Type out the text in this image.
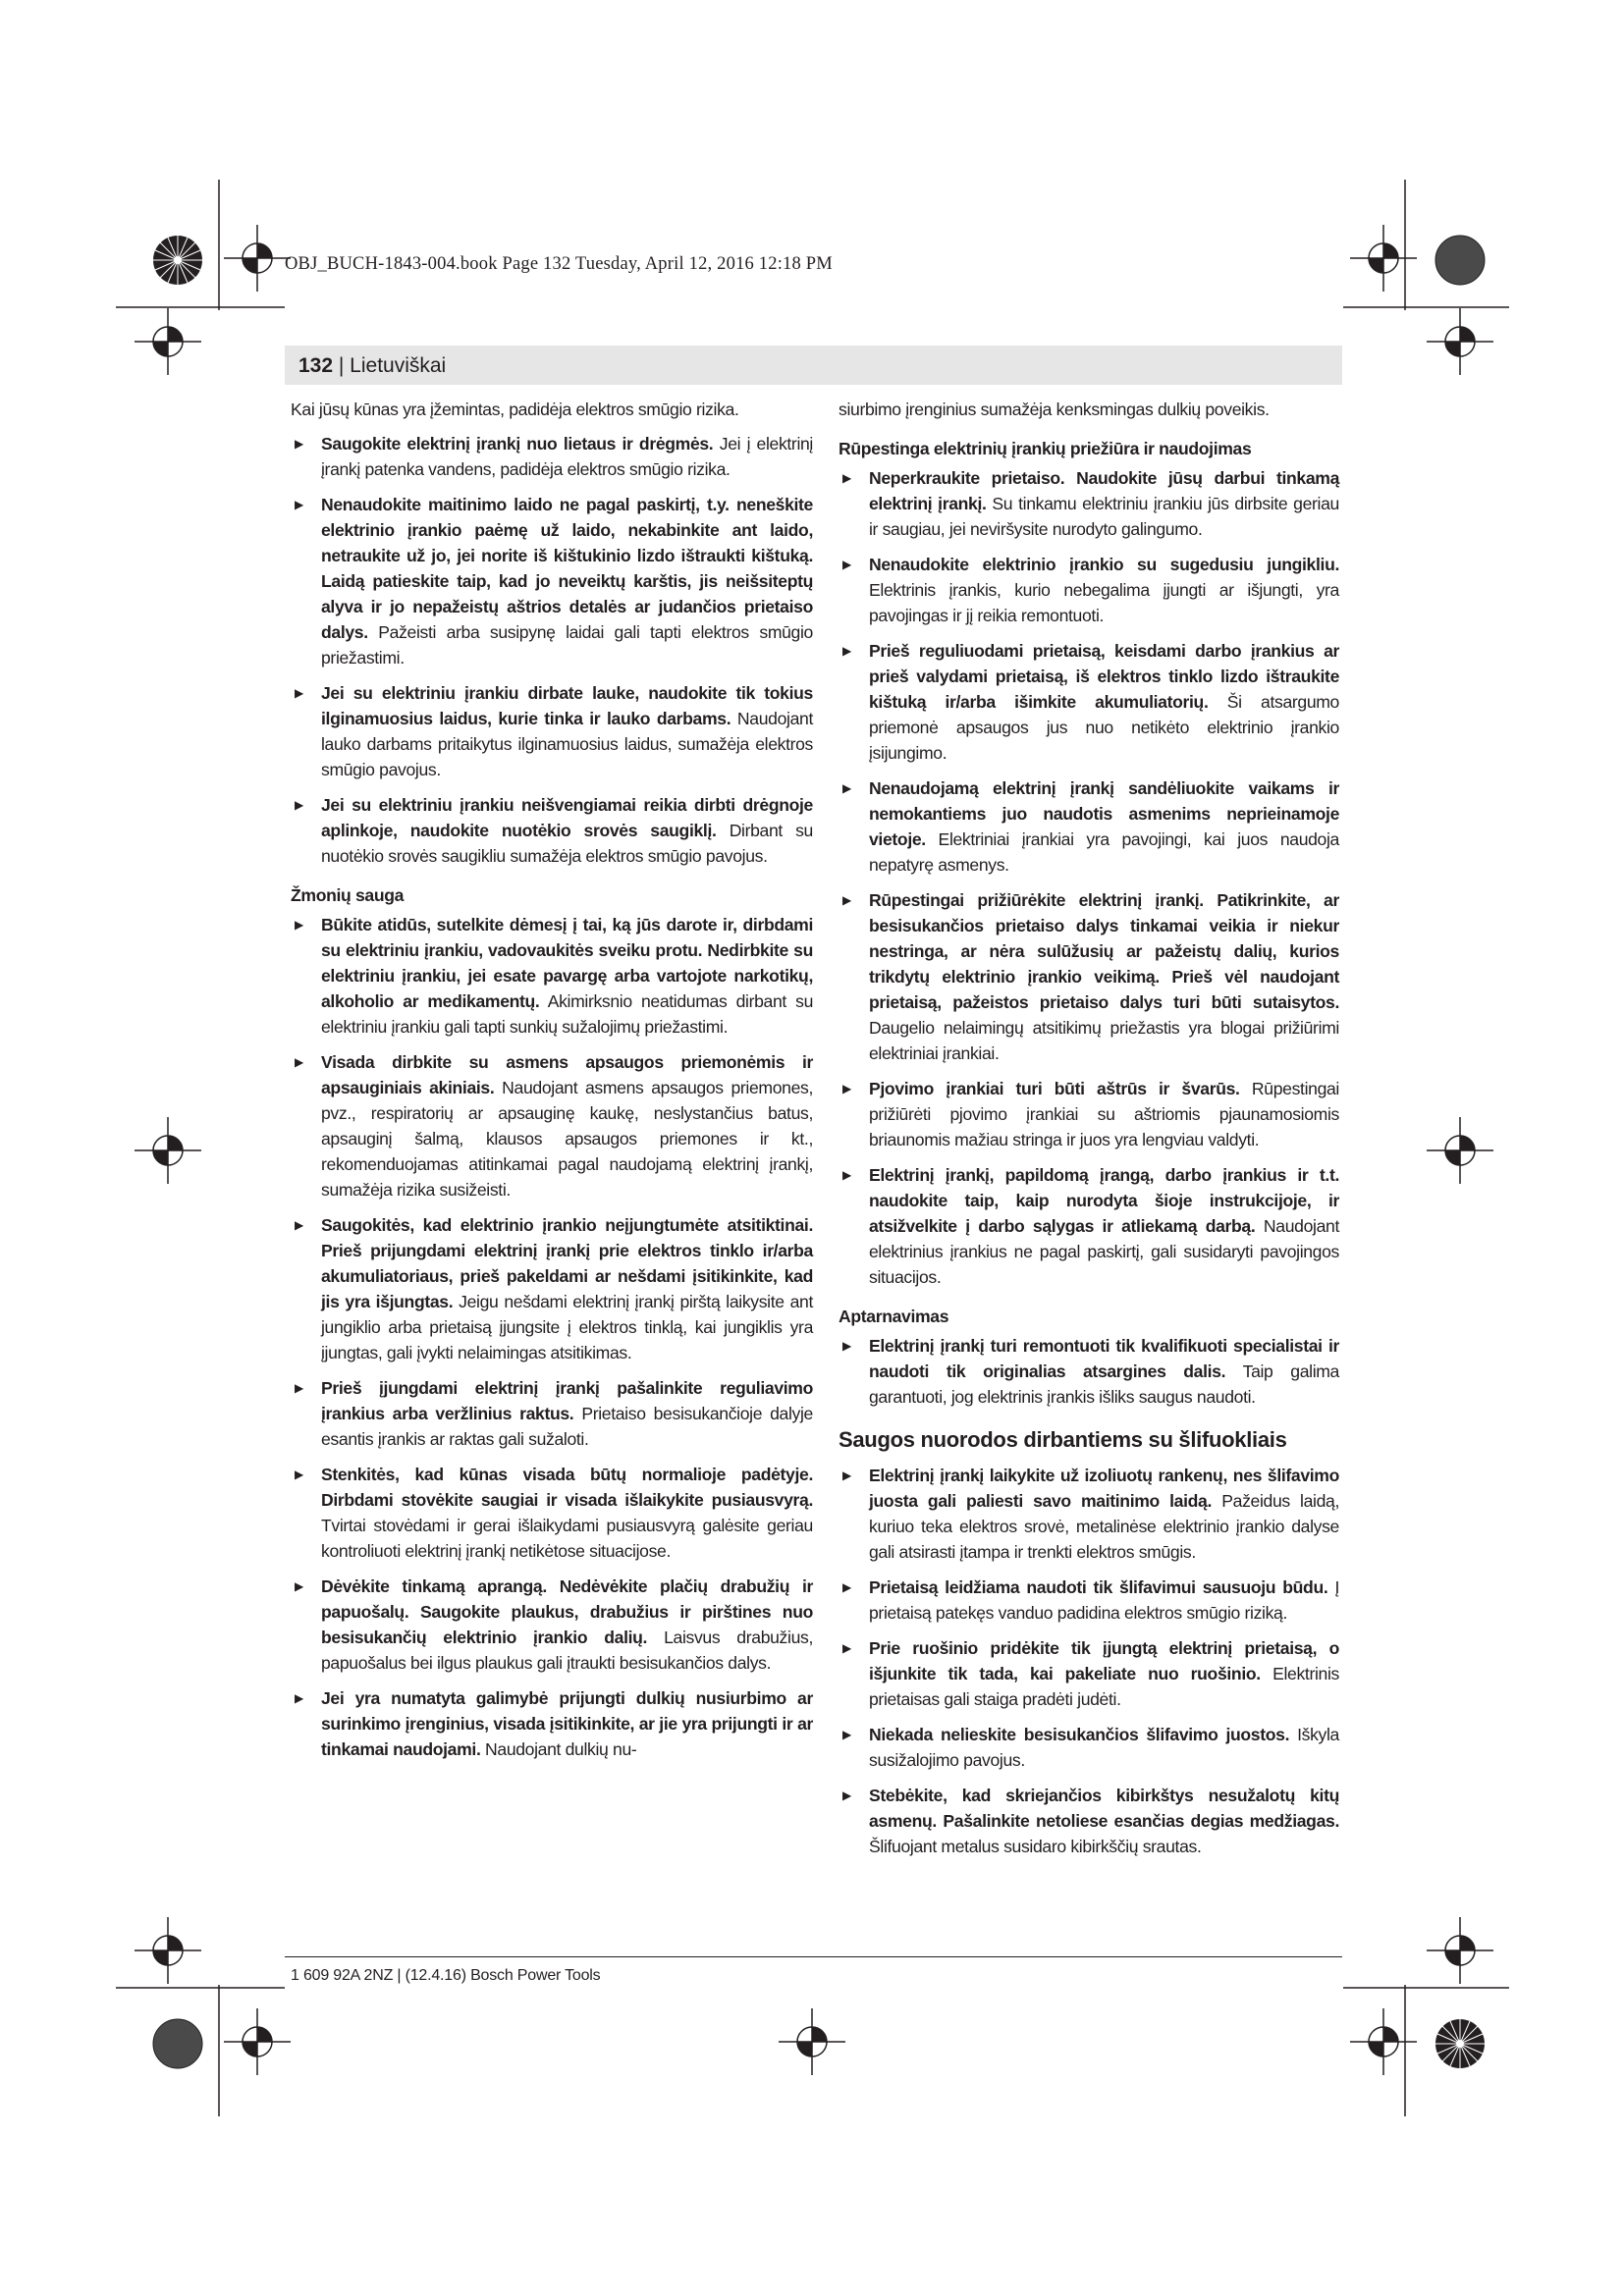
OBJ_BUCH-1843-004.book Page 132 Tuesday, April 12, 2016 12:18 PM
132 | Lietuviškai

Kai jūsų kūnas yra įžemintas, padidėja elektros smūgio rizika.

▶ Saugokite elektrinį įrankį nuo lietaus ir drėgmės. Jei į elektrinį įrankį patenka vandens, padidėja elektros smūgio rizika.
▶ Nenaudokite maitinimo laido ne pagal paskirtį, t.y. neneškite elektrinio įrankio paėmę už laido, nekabinkite ant laido, netraukite už jo, jei norite iš kištukinio lizdo ištraukti kištuką. Laidą patieskite taip, kad jo neveiktų karštis, jis neišsiteptų alyva ir jo nepažeistų aštrios detalės ar judančios prietaiso dalys. Pažeisti arba susipynę laidai gali tapti elektros smūgio priežastimi.
▶ Jei su elektriniu įrankiu dirbate lauke, naudokite tik tokius ilginamuosius laidus, kurie tinka ir lauko darbams. Naudojant lauko darbams pritaikytus ilginamuosius laidus, sumažėja elektros smūgio pavojus.
▶ Jei su elektriniu įrankiu neišvengiamai reikia dirbti drėgnoje aplinkoje, naudokite nuotėkio srovės saugiklį. Dirbant su nuotėkio srovės saugikliu sumažėja elektros smūgio pavojus.
Žmonių sauga
▶ Būkite atidūs, sutelkite dėmesį į tai, ką jūs darote ir, dirbdami su elektriniu įrankiu, vadovaukitės sveiku protu. Nedirbkite su elektriniu įrankiu, jei esate pavargę arba vartojote narkotikų, alkoholio ar medikamentų. Akimirksnio neatidumas dirbant su elektriniu įrankiu gali tapti sunkių sužalojimų priežastimi.
▶ Visada dirbkite su asmens apsaugos priemonėmis ir apsauginiais akiniais. Naudojant asmens apsaugos priemones, pvz., respiratorių ar apsauginę kaukę, neslystančius batus, apsauginį šalmą, klausos apsaugos priemones ir kt., rekomenduojamas atitinkamai pagal naudojamą elektrinį įrankį, sumažėja rizika susižeisti.
▶ Saugokitės, kad elektrinio įrankio neįjungtumėte atsitiktinai. Prieš prijungdami elektrinį įrankį prie elektros tinklo ir/arba akumuliatoriaus, prieš pakeldami ar nešdami įsitikinkite, kad jis yra išjungtas. Jeigu nešdami elektrinį įrankį pirštą laikysite ant jungiklio arba prietaisą įjungsite į elektros tinklą, kai jungiklis yra įjungtas, gali įvykti nelaimingas atsitikimas.
▶ Prieš įjungdami elektrinį įrankį pašalinkite reguliavimo įrankius arba veržlinius raktus. Prietaiso besisukančioje dalyje esantis įrankis ar raktas gali sužaloti.
▶ Stenkitės, kad kūnas visada būtų normalioje padėtyje. Dirbdami stovėkite saugiai ir visada išlaikykite pusiausvyrą. Tvirtai stovėdami ir gerai išlaikydami pusiausvyrą galėsite geriau kontroliuoti elektrinį įrankį netikėtose situacijose.
▶ Dėvėkite tinkamą aprangą. Nedėvėkite plačių drabužių ir papuošalų. Saugokite plaukus, drabužius ir pirštines nuo besisukančių elektrinio įrankio dalių. Laisvus drabužius, papuošalus bei ilgus plaukus gali įtraukti besisukančios dalys.
▶ Jei yra numatyta galimybė prijungti dulkių nusiurbimo ar surinkimo įrenginius, visada įsitikinkite, ar jie yra prijungti ir ar tinkamai naudojami. Naudojant dulkių nu-

siurbimo įrenginius sumažėja kenksmingas dulkių poveikis.

Rūpestinga elektrinių įrankių priežiūra ir naudojimas
▶ Neperkraukite prietaiso. Naudokite jūsų darbui tinkamą elektrinį įrankį. Su tinkamu elektriniu įrankiu jūs dirbsite geriau ir saugiau, jei neviršysite nurodyto galingumo.
▶ Nenaudokite elektrinio įrankio su sugedusiu jungikliu. Elektrinis įrankis, kurio nebegalima įjungti ar išjungti, yra pavojingas ir jį reikia remontuoti.
▶ Prieš reguliuodami prietaisą, keisdami darbo įrankius ar prieš valydami prietaisą, iš elektros tinklo lizdo ištraukite kištuką ir/arba išimkite akumuliatorių. Ši atsargumo priemonė apsaugos jus nuo netikėto elektrinio įrankio įsijungimo.
▶ Nenaudojamą elektrinį įrankį sandėliuokite vaikams ir nemokantiems juo naudotis asmenims neprieinamoje vietoje. Elektriniai įrankiai yra pavojingi, kai juos naudoja nepatyrę asmenys.
▶ Rūpestingai prižiūrėkite elektrinį įrankį. Patikrinkite, ar besisukančios prietaiso dalys tinkamai veikia ir niekur nestringa, ar nėra sulūžusių ar pažeistų dalių, kurios trikdytų elektrinio įrankio veikimą. Prieš vėl naudojant prietaisą, pažeistos prietaiso dalys turi būti sutaisytos. Daugelio nelaimingų atsitikimų priežastis yra blogai prižiūrimi elektriniai įrankiai.
▶ Pjovimo įrankiai turi būti aštrūs ir švarūs. Rūpestingai prižiūrėti pjovimo įrankiai su aštriomis pjaunamosiomis briaunomis mažiau stringa ir juos yra lengviau valdyti.
▶ Elektrinį įrankį, papildomą įrangą, darbo įrankius ir t.t. naudokite taip, kaip nurodyta šioje instrukcijoje, ir atsižvelkite į darbo sąlygas ir atliekamą darbą. Naudojant elektrinius įrankius ne pagal paskirtį, gali susidaryti pavojingos situacijos.
Aptarnavimas
▶ Elektrinį įrankį turi remontuoti tik kvalifikuoti specialistai ir naudoti tik originalias atsargines dalis. Taip galima garantuoti, jog elektrinis įrankis išliks saugus naudoti.
Saugos nuorodos dirbantiems su šlifuokliais
▶ Elektrinį įrankį laikykite už izoliuotų rankenų, nes šlifavimo juosta gali paliesti savo maitinimo laidą. Pažeidus laidą, kuriuo teka elektros srovė, metalinėse elektrinio įrankio dalyse gali atsirasti įtampa ir trenkti elektros smūgis.
▶ Prietaisą leidžiama naudoti tik šlifavimui sausuoju būdu. Į prietaisą patekęs vanduo padidina elektros smūgio riziką.
▶ Prie ruošinio pridėkite tik įjungtą elektrinį prietaisą, o išjunkite tik tada, kai pakeliate nuo ruošinio. Elektrinis prietaisas gali staiga pradėti judėti.
▶ Niekada nelieskite besisukančios šlifavimo juostos. Iškyla susižalojimo pavojus.
▶ Stebėkite, kad skriejančios kibirkštys nesužalotų kitų asmenų. Pašalinkite netoliese esančias degias medžiagas. Šlifuojant metalus susidaro kibirkščių srautas.
1 609 92A 2NZ | (12.4.16) Bosch Power Tools
